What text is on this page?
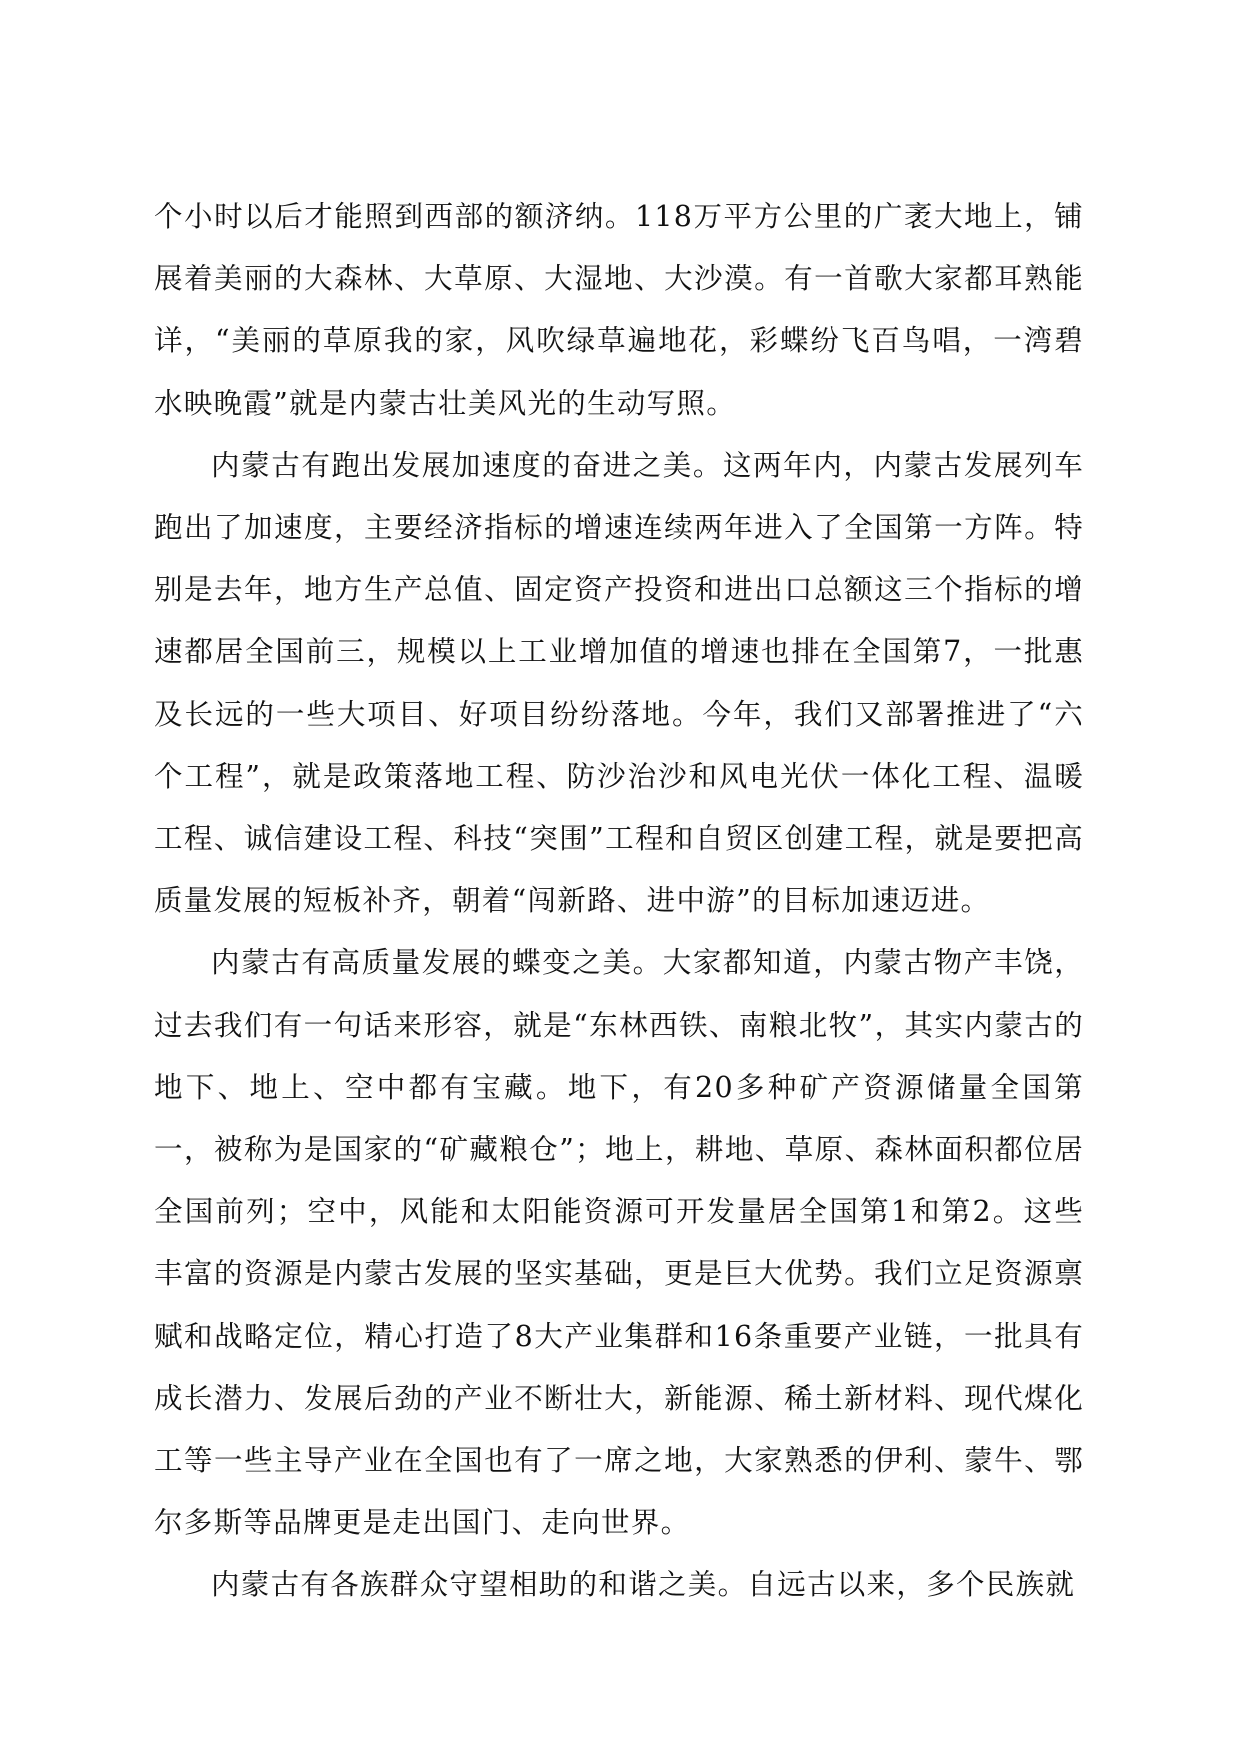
个小时以后才能照到西部的额济纳。118万平方公里的广袤大地上，铺展着美丽的大森林、大草原、大湿地、大沙漠。有一首歌大家都耳熟能详，“美丽的草原我的家，风吹绿草遍地花，彩蝶纷飞百鸟唱，一湾碧水映晚霞”就是内蒙古壮美风光的生动写照。

内蒙古有跑出发展加速度的奋进之美。这两年内，内蒙古发展列车跑出了加速度，主要经济指标的增速连续两年进入了全国第一方阵。特别是去年，地方生产总值、固定资产投资和进出口总额这三个指标的增速都居全国前三，规模以上工业增加值的增速也排在全国第7，一批惠及长远的一些大项目、好项目纷纷落地。今年，我们又部署推进了“六个工程”，就是政策落地工程、防沙治沙和风电光伏一体化工程、温暖工程、诚信建设工程、科技“突围”工程和自贸区创建工程，就是要把高质量发展的短板补齐，朝着“闯新路、进中游”的目标加速迈进。

内蒙古有高质量发展的蝶变之美。大家都知道，内蒙古物产丰饶，过去我们有一句话来形容，就是“东林西铁、南粮北牧”，其实内蒙古的地下、地上、空中都有宝藏。地下，有20多种矿产资源储量全国第一，被称为是国家的“矿藏粮仓”；地上，耕地、草原、森林面积都位居全国前列；空中，风能和太阳能资源可开发量居全国第1和第2。这些丰富的资源是内蒙古发展的坚实基础，更是巨大优势。我们立足资源禀赋和战略定位，精心打造了8大产业集群和16条重要产业链，一批具有成长潜力、发展后劲的产业不断壮大，新能源、稀土新材料、现代煤化工等一些主导产业在全国也有了一席之地，大家熟悉的伊利、蒙牛、鄂尔多斯等品牌更是走出国门、走向世界。

内蒙古有各族群众守望相助的和谐之美。自远古以来，多个民族就
